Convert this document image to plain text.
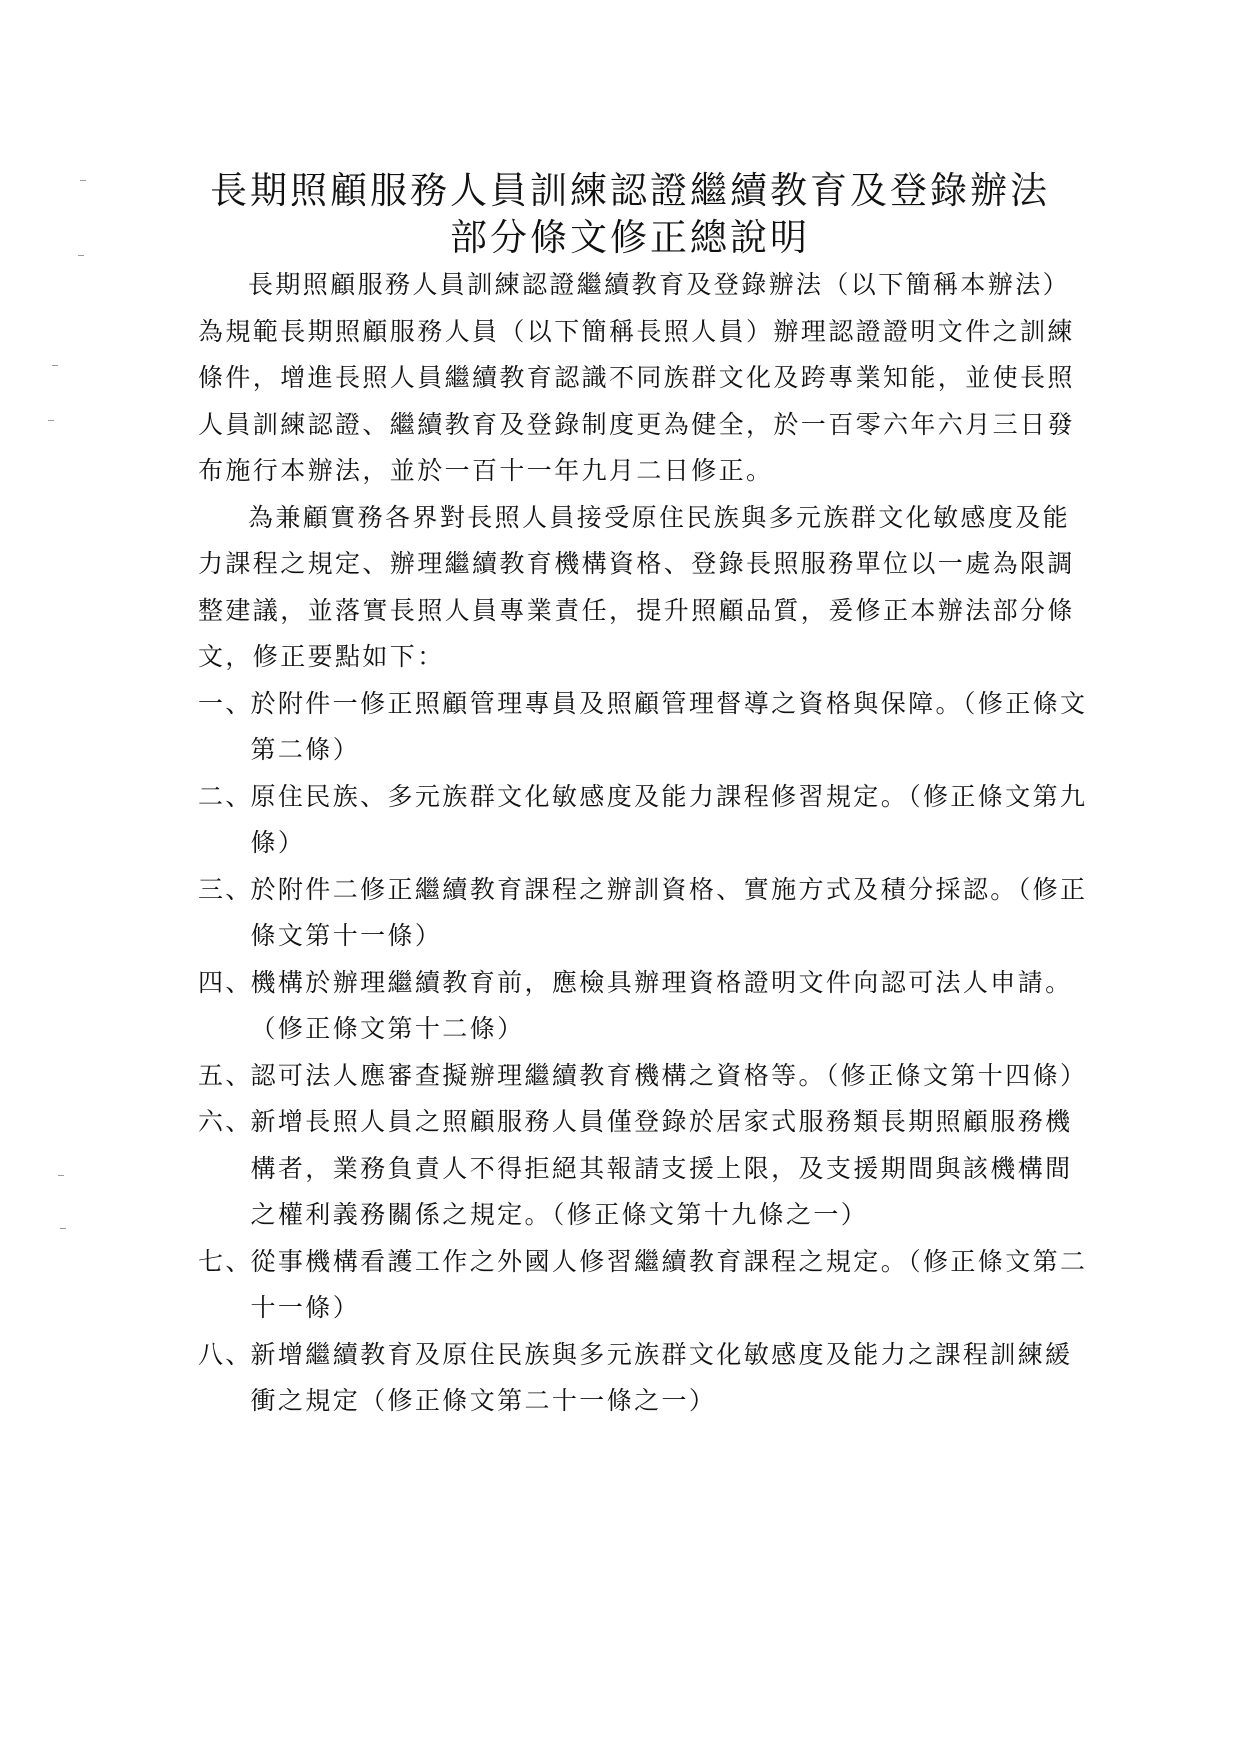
長期照顧服務人員訓練認證繼續教育及登錄辦法
部分條文修正總說明

長期照顧服務人員訓練認證繼續教育及登錄辦法（以下簡稱本辦法）為規範長期照顧服務人員（以下簡稱長照人員）辦理認證證明文件之訓練條件，增進長照人員繼續教育認識不同族群文化及跨專業知能，並使長照人員訓練認證、繼續教育及登錄制度更為健全，於一百零六年六月三日發布施行本辦法，並於一百十一年九月二日修正。

為兼顧實務各界對長照人員接受原住民族與多元族群文化敏感度及能力課程之規定、辦理繼續教育機構資格、登錄長照服務單位以一處為限調整建議，並落實長照人員專業責任，提升照顧品質，爰修正本辦法部分條文，修正要點如下：

一、
於附件一修正照顧管理專員及照顧管理督導之資格與保障。（修正條文第二條）
二、
原住民族、多元族群文化敏感度及能力課程修習規定。（修正條文第九條）
三、
於附件二修正繼續教育課程之辦訓資格、實施方式及積分採認。（修正條文第十一條）
四、
機構於辦理繼續教育前，應檢具辦理資格證明文件向認可法人申請。（修正條文第十二條）
五、
認可法人應審查擬辦理繼續教育機構之資格等。（修正條文第十四條）
六、
新增長照人員之照顧服務人員僅登錄於居家式服務類長期照顧服務機構者，業務負責人不得拒絕其報請支援上限，及支援期間與該機構間之權利義務關係之規定。（修正條文第十九條之一）
七、
從事機構看護工作之外國人修習繼續教育課程之規定。（修正條文第二十一條）
八、
新增繼續教育及原住民族與多元族群文化敏感度及能力之課程訓練緩衝之規定（修正條文第二十一條之一）
